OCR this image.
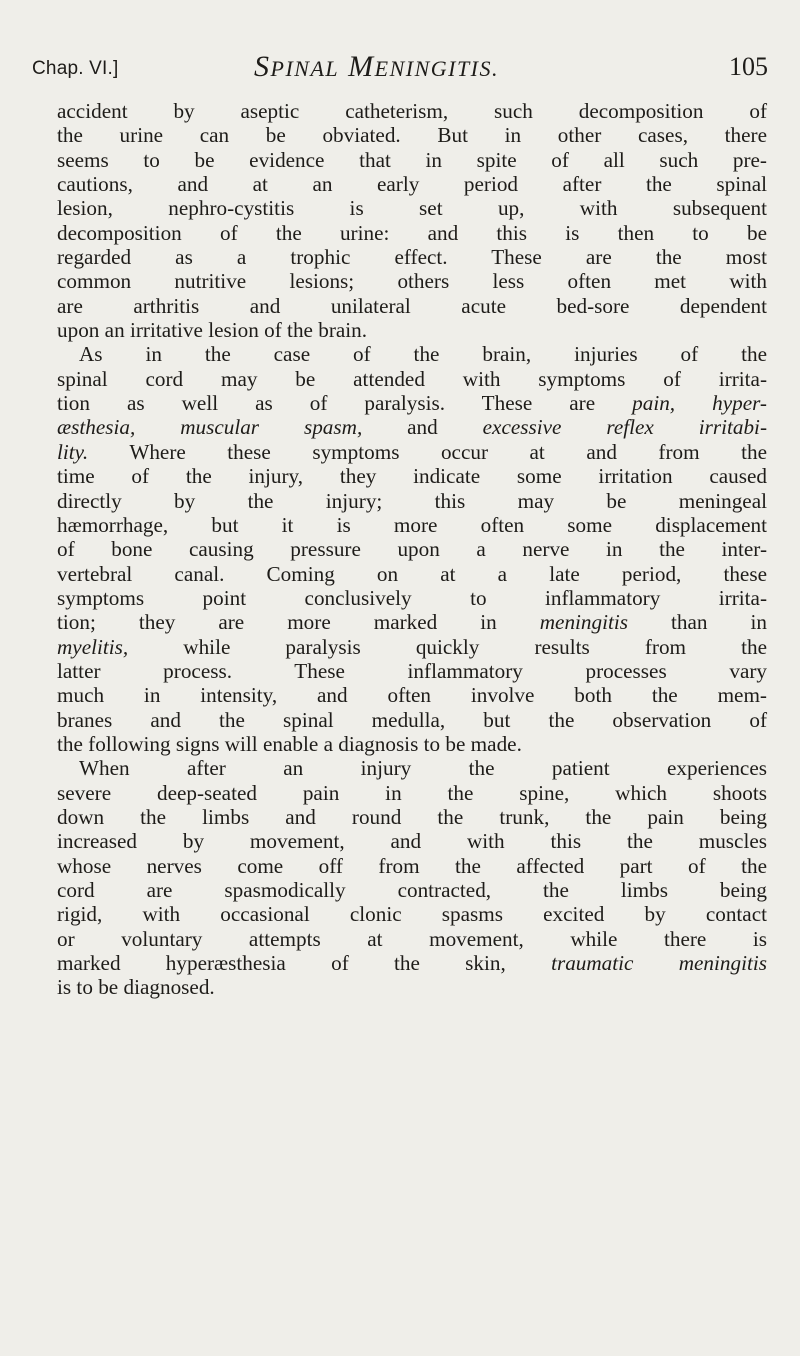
Chap. VI.]	SPINAL MENINGITIS.	105

accident by aseptic catheterism, such decomposition of
the urine can be obviated. But in other cases, there
seems to be evidence that in spite of all such pre-
cautions, and at an early period after the spinal
lesion, nephro-cystitis is set up, with subsequent
decomposition of the urine: and this is then to be
regarded as a trophic effect. These are the most
common nutritive lesions; others less often met with
are arthritis and unilateral acute bed-sore dependent
upon an irritative lesion of the brain.

As in the case of the brain, injuries of the
spinal cord may be attended with symptoms of irrita-
tion as well as of paralysis. These are pain, hyper-
æsthesia, muscular spasm, and excessive reflex irritabi-
lity. Where these symptoms occur at and from the
time of the injury, they indicate some irritation caused
directly by the injury; this may be meningeal
hæmorrhage, but it is more often some displacement
of bone causing pressure upon a nerve in the inter-
vertebral canal. Coming on at a late period, these
symptoms point conclusively to inflammatory irrita-
tion; they are more marked in meningitis than in
myelitis, while paralysis quickly results from the
latter process. These inflammatory processes vary
much in intensity, and often involve both the mem-
branes and the spinal medulla, but the observation of
the following signs will enable a diagnosis to be made.

When after an injury the patient experiences
severe deep-seated pain in the spine, which shoots
down the limbs and round the trunk, the pain being
increased by movement, and with this the muscles
whose nerves come off from the affected part of the
cord are spasmodically contracted, the limbs being
rigid, with occasional clonic spasms excited by contact
or voluntary attempts at movement, while there is
marked hyperæsthesia of the skin, traumatic meningitis
is to be diagnosed.
